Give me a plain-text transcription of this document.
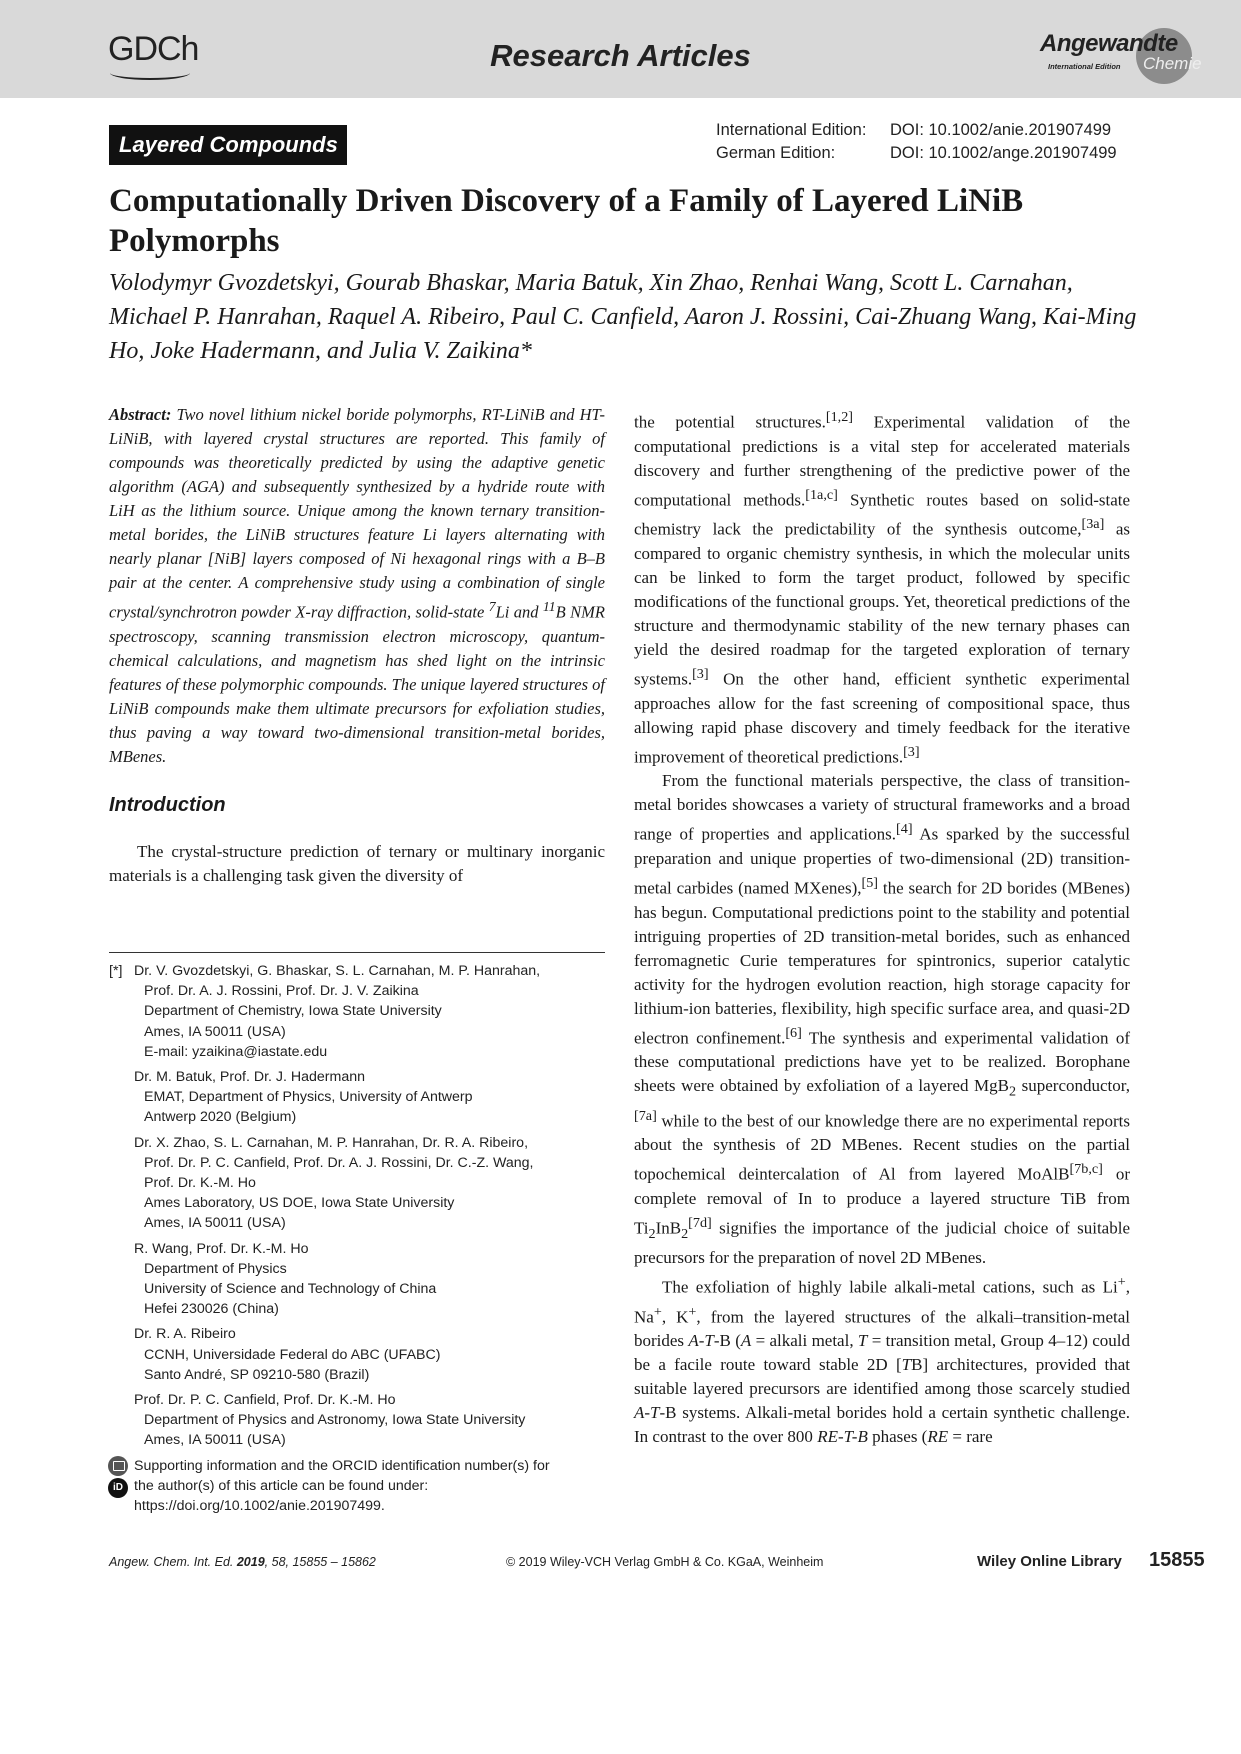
GDCh	Research Articles	Angewandte
International Edition Chemie
Layered Compounds
International Edition: DOI: 10.1002/anie.201907499
German Edition:	DOI: 10.1002/ange.201907499
Computationally Driven Discovery of a Family of Layered LiNiB Polymorphs
Volodymyr Gvozdetskyi, Gourab Bhaskar, Maria Batuk, Xin Zhao, Renhai Wang, Scott L. Carnahan, Michael P. Hanrahan, Raquel A. Ribeiro, Paul C. Canfield, Aaron J. Rossini, Cai-Zhuang Wang, Kai-Ming Ho, Joke Hadermann, and Julia V. Zaikina*

Abstract: Two novel lithium nickel boride polymorphs, RT-LiNiB and HT-LiNiB, with layered crystal structures are reported. This family of compounds was theoretically predicted by using the adaptive genetic algorithm (AGA) and subsequently synthesized by a hydride route with LiH as the lithium source. Unique among the known ternary transition-metal borides, the LiNiB structures feature Li layers alternating with nearly planar [NiB] layers composed of Ni hexagonal rings with a B–B pair at the center. A comprehensive study using a combination of single crystal/synchrotron powder X-ray diffraction, solid-state $^7$Li and $^{11}$B NMR spectroscopy, scanning transmission electron microscopy, quantum-chemical calculations, and magnetism has shed light on the intrinsic features of these polymorphic compounds. The unique layered structures of LiNiB compounds make them ultimate precursors for exfoliation studies, thus paving a way toward two-dimensional transition-metal borides, MBenes.

Introduction

The crystal-structure prediction of ternary or multinary inorganic materials is a challenging task given the diversity of

the potential structures.[1,2] Experimental validation of the computational predictions is a vital step for accelerated materials discovery and further strengthening of the predictive power of the computational methods.[1a,c] Synthetic routes based on solid-state chemistry lack the predictability of the synthesis outcome,[3a] as compared to organic chemistry synthesis, in which the molecular units can be linked to form the target product, followed by specific modifications of the functional groups. Yet, theoretical predictions of the structure and thermodynamic stability of the new ternary phases can yield the desired roadmap for the targeted exploration of ternary systems.[3] On the other hand, efficient synthetic experimental approaches allow for the fast screening of compositional space, thus allowing rapid phase discovery and timely feedback for the iterative improvement of theoretical predictions.[3]

From the functional materials perspective, the class of transition-metal borides showcases a variety of structural frameworks and a broad range of properties and applications.[4] As sparked by the successful preparation and unique properties of two-dimensional (2D) transition-metal carbides (named MXenes),[5] the search for 2D borides (MBenes) has begun. Computational predictions point to the stability and potential intriguing properties of 2D transition-metal borides, such as enhanced ferromagnetic Curie temperatures for spintronics, superior catalytic activity for the hydrogen evolution reaction, high storage capacity for lithium-ion batteries, flexibility, high specific surface area, and quasi-2D electron confinement.[6] The synthesis and experimental validation of these computational predictions have yet to be realized. Borophane sheets were obtained by exfoliation of a layered MgB$_2$ superconductor,[7a] while to the best of our knowledge there are no experimental reports about the synthesis of 2D MBenes. Recent studies on the partial topochemical deintercalation of Al from layered MoAlB[7b,c] or complete removal of In to produce a layered structure TiB from $Ti_2InB_2[7d]$ signifies the importance of the judicial choice of suitable precursors for the preparation of novel 2D MBenes.

The exfoliation of highly labile alkali-metal cations, such as Li+, Na+, K+, from the layered structures of the alkali–transition-metal borides A-T-B (A = alkali metal, T = transition metal, Group 4–12) could be a facile route toward stable 2D [TB] architectures, provided that suitable layered precursors are identified among those scarcely studied A-T-B systems. Alkali-metal borides hold a certain synthetic challenge. In contrast to the over 800 RE-T-B phases (RE = rare

[*] Dr. V. Gvozdetskyi, G. Bhaskar, S. L. Carnahan, M. P. Hanrahan,
Prof. Dr. A. J. Rossini, Prof. Dr. J. V. Zaikina
Department of Chemistry, Iowa State University
Ames, IA 50011 (USA)
E-mail: yzaikina@iastate.edu
Dr. M. Batuk, Prof. Dr. J. Hadermann
EMAT, Department of Physics, University of Antwerp
Antwerp 2020 (Belgium)
Dr. X. Zhao, S. L. Carnahan, M. P. Hanrahan, Dr. R. A. Ribeiro,
Prof. Dr. P. C. Canfield, Prof. Dr. A. J. Rossini, Dr. C.-Z. Wang,
Prof. Dr. K.-M. Ho
Ames Laboratory, US DOE, Iowa State University
Ames, IA 50011 (USA)
R. Wang, Prof. Dr. K.-M. Ho
Department of Physics
University of Science and Technology of China
Hefei 230026 (China)
Dr. R. A. Ribeiro
CCNH, Universidade Federal do ABC (UFABC)
Santo André, SP 09210-580 (Brazil)
Prof. Dr. P. C. Canfield, Prof. Dr. K.-M. Ho
Department of Physics and Astronomy, Iowa State University
Ames, IA 50011 (USA)
iD
Supporting information and the ORCID identification number(s) for
the author(s) of this article can be found under:
https://doi.org/10.1002/anie.201907499.
Angew. Chem. Int. Ed. 2019, 58, 15855 – 15862	© 2019 Wiley-VCH Verlag GmbH & Co. KGaA, Weinheim	Wiley Online Library 15855
